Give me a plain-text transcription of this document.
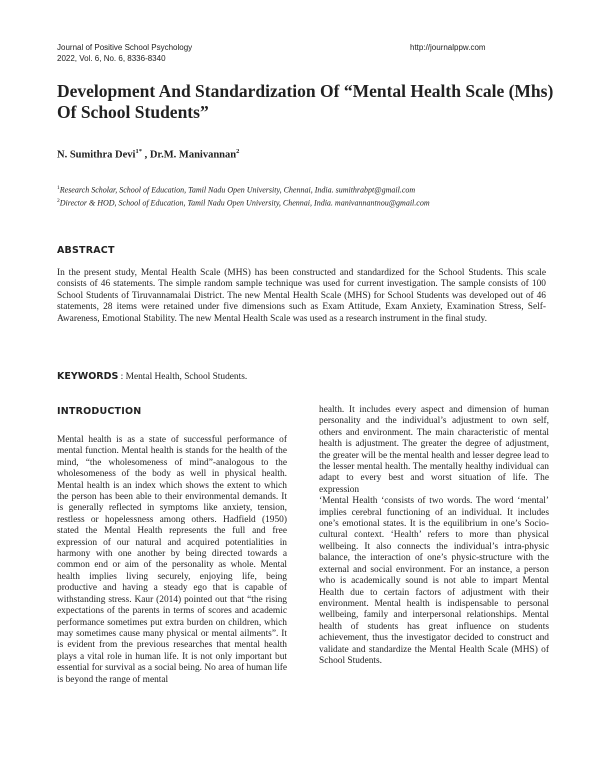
Journal of Positive School Psychology
2022, Vol. 6, No. 6, 8336-8340
http://journalppw.com
Development And Standardization Of “Mental Health Scale (Mhs) Of School Students”
N. Sumithra Devi$^{1*}$ , Dr.M. Manivannan$^2$
$^1$Research Scholar, School of Education, Tamil Nadu Open University, Chennai, India. sumithrabpt@gmail.com
$^2$Director & HOD, School of Education, Tamil Nadu Open University, Chennai, India. manivannantnou@gmail.com
ABSTRACT
In the present study, Mental Health Scale (MHS) has been constructed and standardized for the School Students. This scale consists of 46 statements. The simple random sample technique was used for current investigation. The sample consists of 100 School Students of Tiruvannamalai District. The new Mental Health Scale (MHS) for School Students was developed out of 46 statements, 28 items were retained under five dimensions such as Exam Attitude, Exam Anxiety, Examination Stress, Self-Awareness, Emotional Stability. The new Mental Health Scale was used as a research instrument in the final study.
KEYWORDS : Mental Health, School Students.
INTRODUCTION

Mental health is as a state of successful performance of mental function. Mental health is stands for the health of the mind, “the wholesomeness of mind”-analogous to the wholesomeness of the body as well in physical health. Mental health is an index which shows the extent to which the person has been able to their environmental demands. It is generally reflected in symptoms like anxiety, tension, restless or hopelessness among others. Hadfield (1950) stated the Mental Health represents the full and free expression of our natural and acquired potentialities in harmony with one another by being directed towards a common end or aim of the personality as whole. Mental health implies living securely, enjoying life, being productive and having a steady ego that is capable of withstanding stress. Kaur (2014) pointed out that “the rising expectations of the parents in terms of scores and academic performance sometimes put extra burden on children, which may sometimes cause many physical or mental ailments”. It is evident from the previous researches that mental health plays a vital role in human life. It is not only important but essential for survival as a social being. No area of human life is beyond the range of mental

health. It includes every aspect and dimension of human personality and the individual’s adjustment to own self, others and environment. The main characteristic of mental health is adjustment. The greater the degree of adjustment, the greater will be the mental health and lesser degree lead to the lesser mental health. The mentally healthy individual can adapt to every best and worst situation of life. The expression

‘Mental Health ‘consists of two words. The word ‘mental’ implies cerebral functioning of an individual. It includes one’s emotional states. It is the equilibrium in one’s Socio-cultural context. ‘Health’ refers to more than physical wellbeing. It also connects the individual’s intra-physic balance, the interaction of one’s physic-structure with the external and social environment. For an instance, a person who is academically sound is not able to impart Mental Health due to certain factors of adjustment with their environment. Mental health is indispensable to personal wellbeing, family and interpersonal relationships. Mental health of students has great influence on students achievement, thus the investigator decided to construct and validate and standardize the Mental Health Scale (MHS) of School Students.
